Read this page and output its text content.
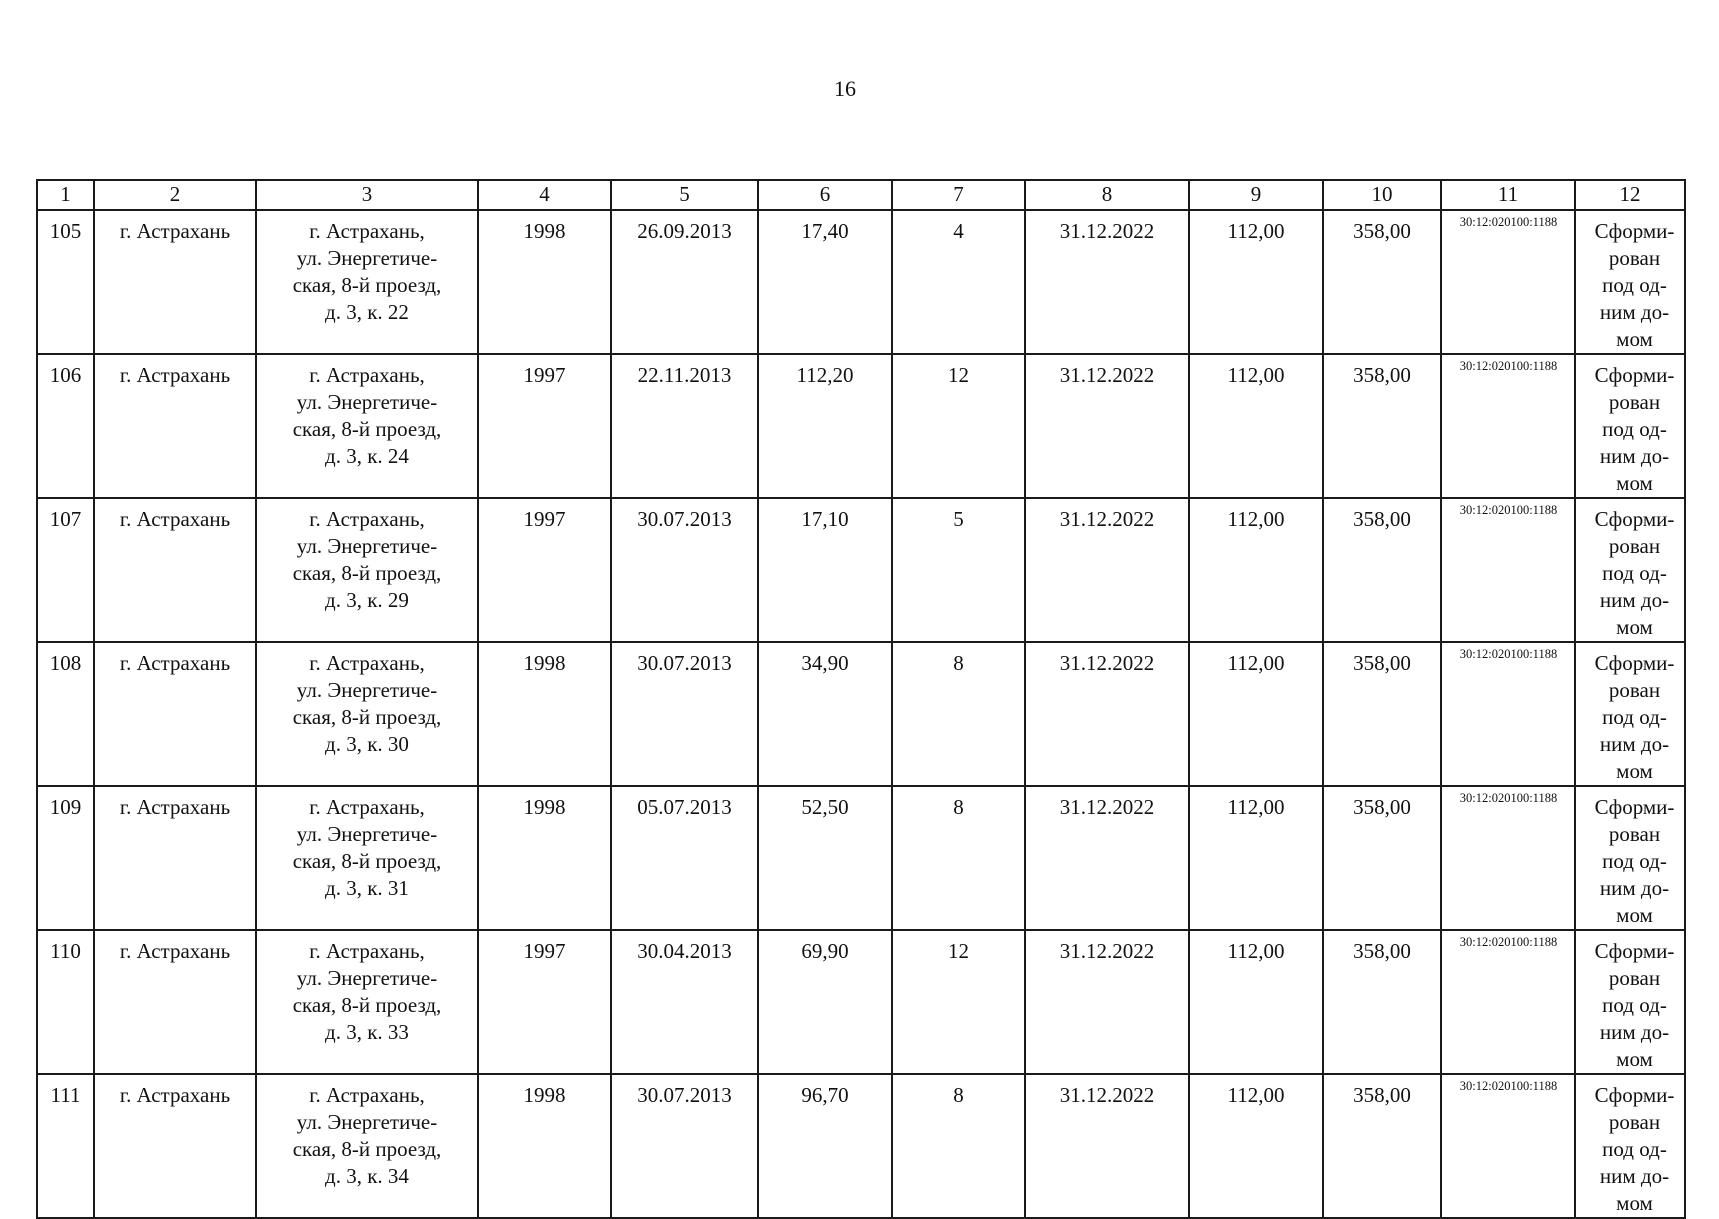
16
1	2	3	4	5	6	7	8	9	10	11	12
105	г. Астрахань	г. Астрахань,
ул. Энергетиче-
ская, 8-й проезд,
д. 3, к. 22	1998	26.09.2013	17,40	4	31.12.2022	112,00	358,00	30:12:020100:1188	Сформи-
рован
под од-
ним до-
мом

106	г. Астрахань	г. Астрахань,
ул. Энергетиче-
ская, 8-й проезд,
д. 3, к. 24	1997	22.11.2013	112,20	12	31.12.2022	112,00	358,00	30:12:020100:1188	Сформи-
рован
под од-
ним до-
мом

107	г. Астрахань	г. Астрахань,
ул. Энергетиче-
ская, 8-й проезд,
д. 3, к. 29	1997	30.07.2013	17,10	5	31.12.2022	112,00	358,00	30:12:020100:1188	Сформи-
рован
под од-
ним до-
мом

108	г. Астрахань	г. Астрахань,
ул. Энергетиче-
ская, 8-й проезд,
д. 3, к. 30	1998	30.07.2013	34,90	8	31.12.2022	112,00	358,00	30:12:020100:1188	Сформи-
рован
под од-
ним до-
мом

109	г. Астрахань	г. Астрахань,
ул. Энергетиче-
ская, 8-й проезд,
д. 3, к. 31	1998	05.07.2013	52,50	8	31.12.2022	112,00	358,00	30:12:020100:1188	Сформи-
рован
под од-
ним до-
мом

110	г. Астрахань	г. Астрахань,
ул. Энергетиче-
ская, 8-й проезд,
д. 3, к. 33	1997	30.04.2013	69,90	12	31.12.2022	112,00	358,00	30:12:020100:1188	Сформи-
рован
под од-
ним до-
мом

111	г. Астрахань	г. Астрахань,
ул. Энергетиче-
ская, 8-й проезд,
д. 3, к. 34	1998	30.07.2013	96,70	8	31.12.2022	112,00	358,00	30:12:020100:1188	Сформи-
рован
под од-
ним до-
мом
